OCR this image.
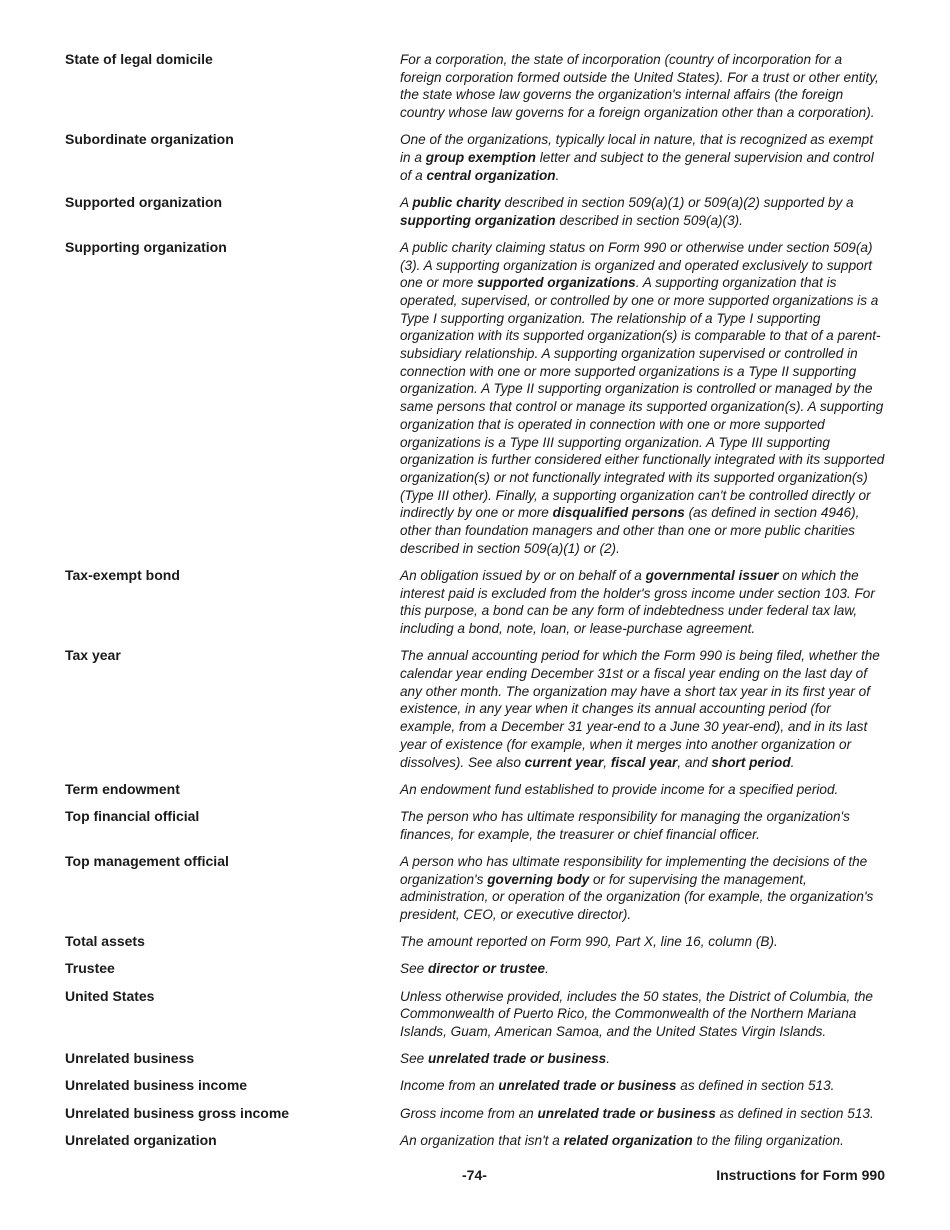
State of legal domicile	For a corporation, the state of incorporation (country of incorporation for a foreign corporation formed outside the United States). For a trust or other entity, the state whose law governs the organization's internal affairs (the foreign country whose law governs for a foreign organization other than a corporation).
Subordinate organization	One of the organizations, typically local in nature, that is recognized as exempt in a group exemption letter and subject to the general supervision and control of a central organization.
Supported organization	A public charity described in section 509(a)(1) or 509(a)(2) supported by a supporting organization described in section 509(a)(3).
Supporting organization	A public charity claiming status on Form 990 or otherwise under section 509(a)(3). A supporting organization is organized and operated exclusively to support one or more supported organizations. A supporting organization that is operated, supervised, or controlled by one or more supported organizations is a Type I supporting organization. The relationship of a Type I supporting organization with its supported organization(s) is comparable to that of a parent-subsidiary relationship. A supporting organization supervised or controlled in connection with one or more supported organizations is a Type II supporting organization. A Type II supporting organization is controlled or managed by the same persons that control or manage its supported organization(s). A supporting organization that is operated in connection with one or more supported organizations is a Type III supporting organization. A Type III supporting organization is further considered either functionally integrated with its supported organization(s) or not functionally integrated with its supported organization(s) (Type III other). Finally, a supporting organization can't be controlled directly or indirectly by one or more disqualified persons (as defined in section 4946), other than foundation managers and other than one or more public charities described in section 509(a)(1) or (2).
Tax-exempt bond	An obligation issued by or on behalf of a governmental issuer on which the interest paid is excluded from the holder's gross income under section 103. For this purpose, a bond can be any form of indebtedness under federal tax law, including a bond, note, loan, or lease-purchase agreement.
Tax year	The annual accounting period for which the Form 990 is being filed, whether the calendar year ending December 31st or a fiscal year ending on the last day of any other month. The organization may have a short tax year in its first year of existence, in any year when it changes its annual accounting period (for example, from a December 31 year-end to a June 30 year-end), and in its last year of existence (for example, when it merges into another organization or dissolves). See also current year, fiscal year, and short period.
Term endowment	An endowment fund established to provide income for a specified period.
Top financial official	The person who has ultimate responsibility for managing the organization's finances, for example, the treasurer or chief financial officer.
Top management official	A person who has ultimate responsibility for implementing the decisions of the organization's governing body or for supervising the management, administration, or operation of the organization (for example, the organization's president, CEO, or executive director).
Total assets	The amount reported on Form 990, Part X, line 16, column (B).
Trustee	See director or trustee.
United States	Unless otherwise provided, includes the 50 states, the District of Columbia, the Commonwealth of Puerto Rico, the Commonwealth of the Northern Mariana Islands, Guam, American Samoa, and the United States Virgin Islands.
Unrelated business	See unrelated trade or business.
Unrelated business income	Income from an unrelated trade or business as defined in section 513.
Unrelated business gross income	Gross income from an unrelated trade or business as defined in section 513.
Unrelated organization	An organization that isn't a related organization to the filing organization.
-74-	Instructions for Form 990
